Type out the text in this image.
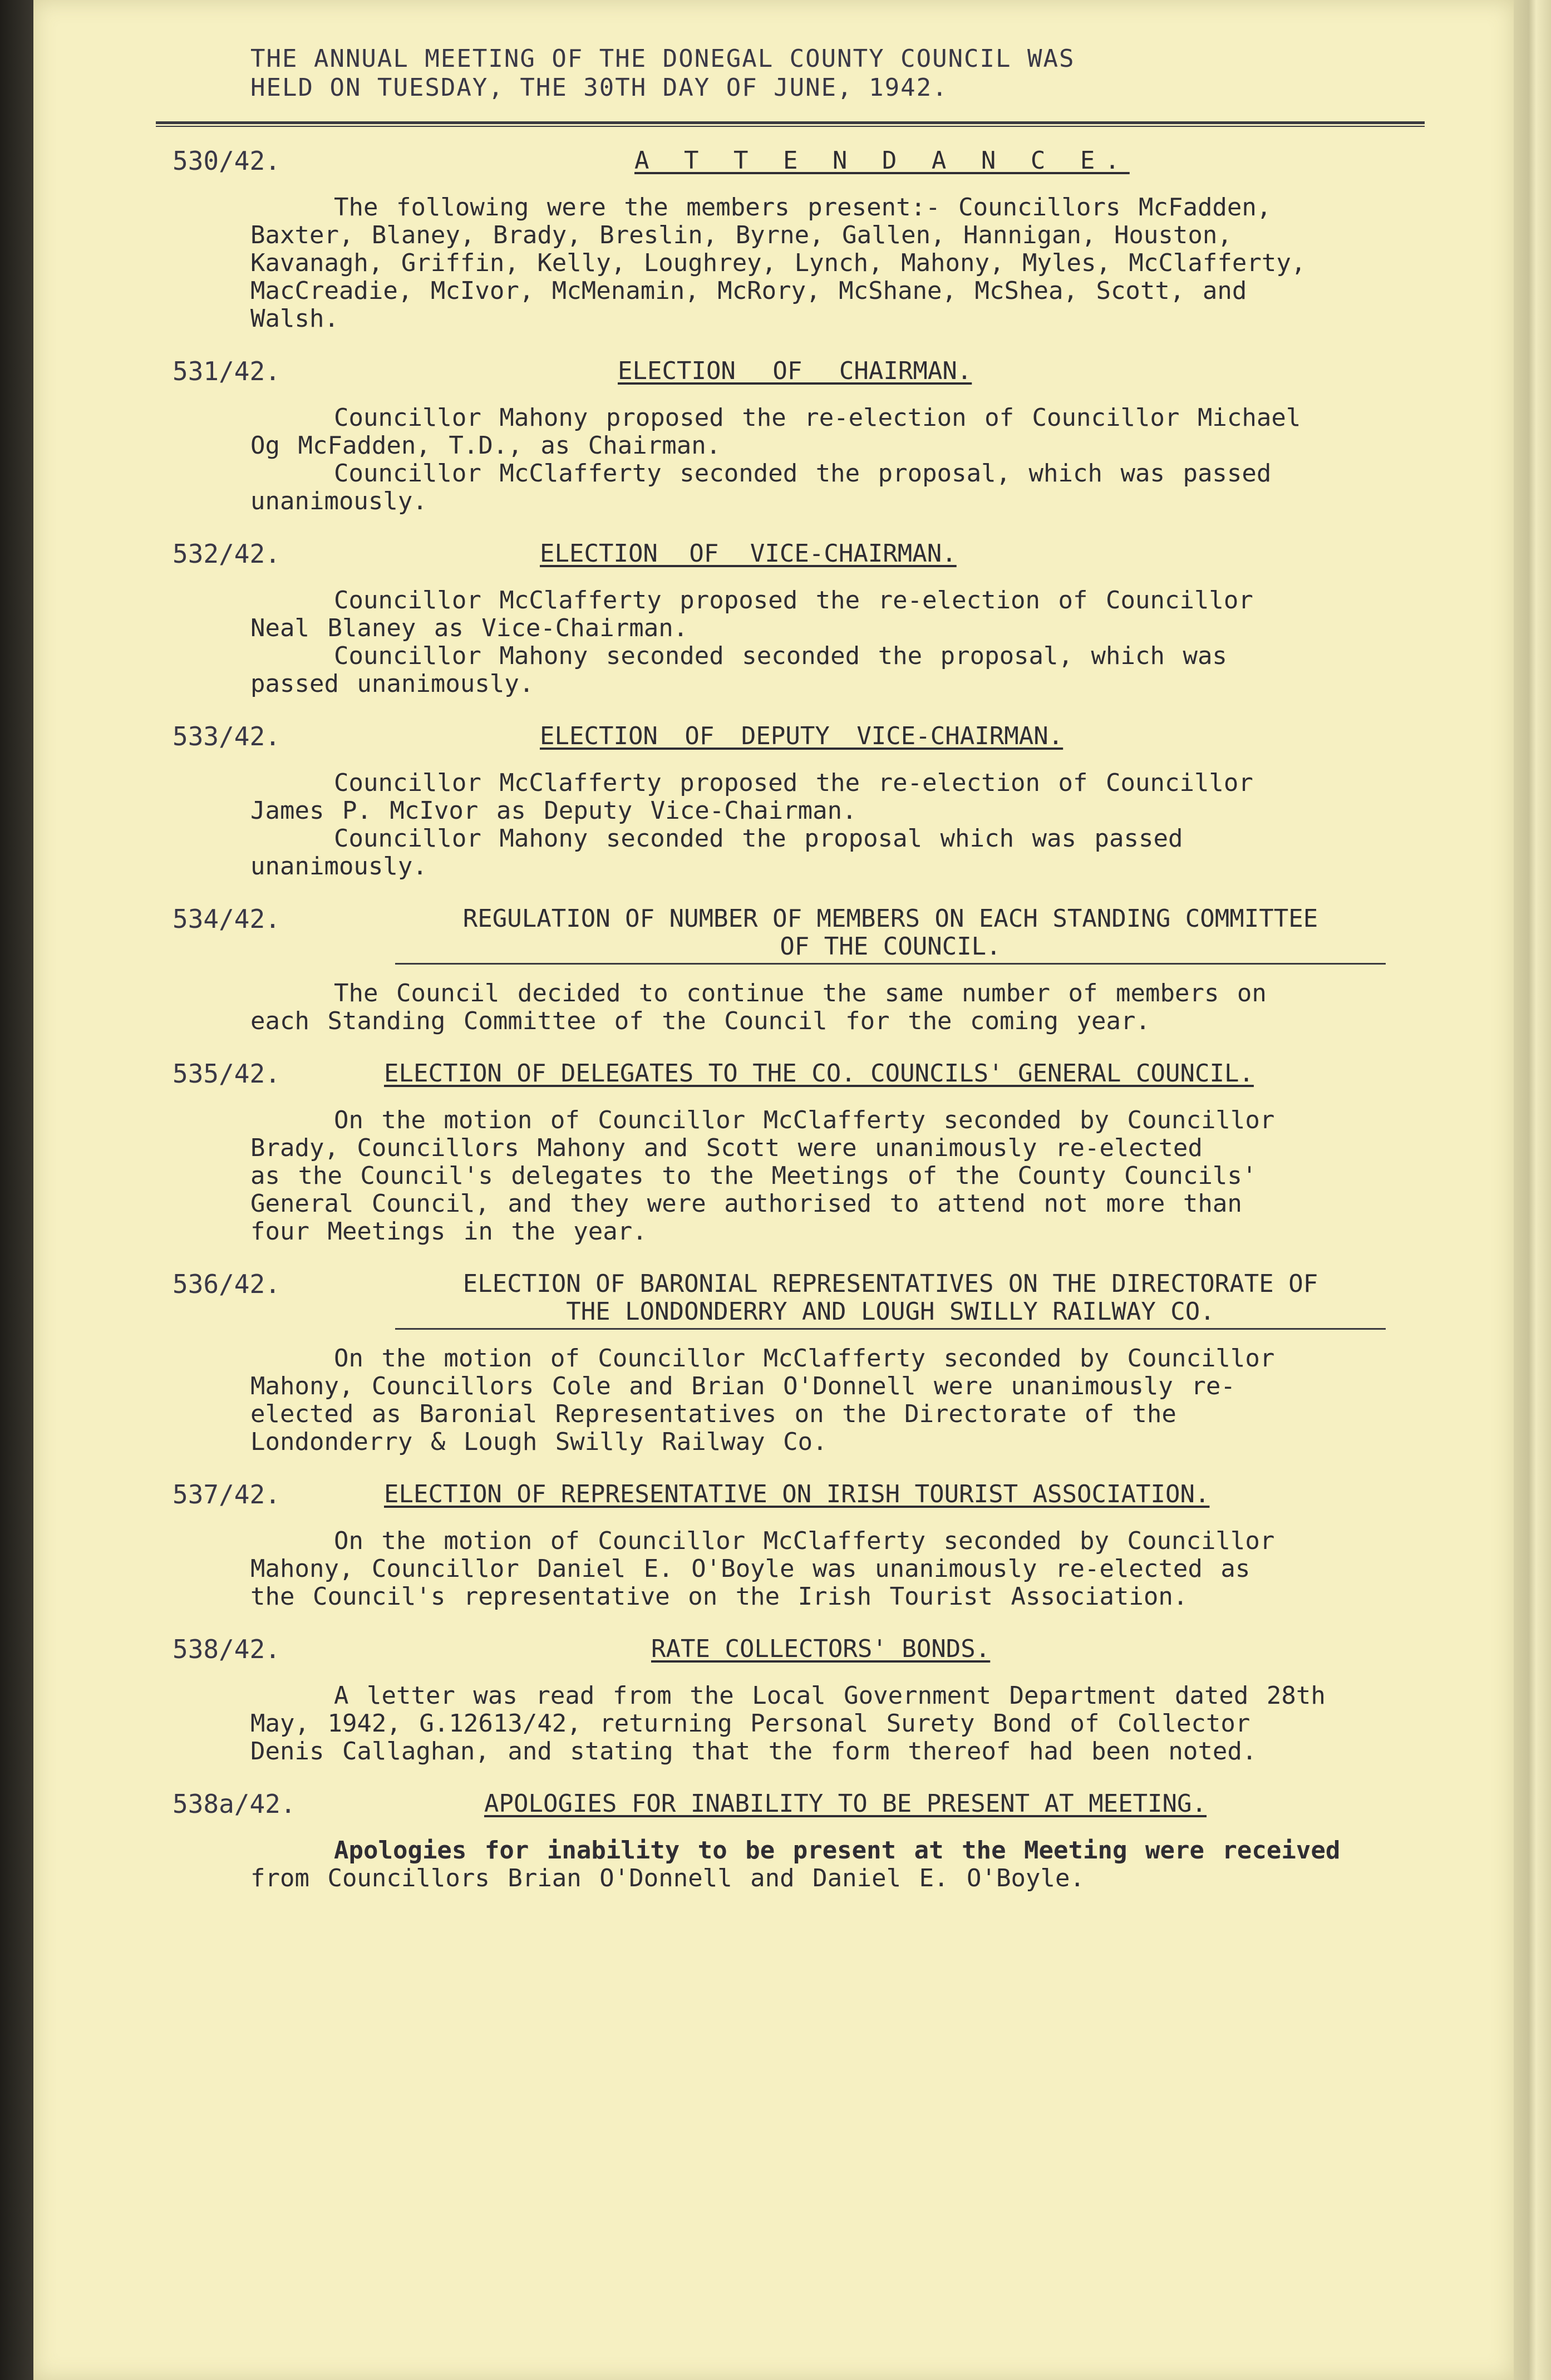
THE ANNUAL MEETING OF THE DONEGAL COUNTY COUNCIL WAS
HELD ON TUESDAY, THE 30TH DAY OF JUNE, 1942.
530/42.	A T T E N D A N C E.
The following were the members present:- Councillors McFadden,
Baxter, Blaney, Brady, Breslin, Byrne, Gallen, Hannigan, Houston,
Kavanagh, Griffin, Kelly, Loughrey, Lynch, Mahony, Myles, McClafferty,
MacCreadie, McIvor, McMenamin, McRory, McShane, McShea, Scott, and
Walsh.
531/42.	ELECTION OF CHAIRMAN.
Councillor Mahony proposed the re-election of Councillor Michael
Og McFadden, T.D., as Chairman.
Councillor McClafferty seconded the proposal, which was passed
unanimously.
532/42.	ELECTION OF VICE-CHAIRMAN.
Councillor McClafferty proposed the re-election of Councillor
Neal Blaney as Vice-Chairman.
Councillor Mahony seconded seconded the proposal, which was
passed unanimously.
533/42.	ELECTION OF DEPUTY VICE-CHAIRMAN.
Councillor McClafferty proposed the re-election of Councillor
James P. McIvor as Deputy Vice-Chairman.
Councillor Mahony seconded the proposal which was passed
unanimously.
534/42.	REGULATION OF NUMBER OF MEMBERS ON EACH STANDING COMMITTEE
OF THE COUNCIL.
The Council decided to continue the same number of members on
each Standing Committee of the Council for the coming year.
535/42.	ELECTION OF DELEGATES TO THE CO. COUNCILS' GENERAL COUNCIL.
On the motion of Councillor McClafferty seconded by Councillor
Brady, Councillors Mahony and Scott were unanimously re-elected
as the Council's delegates to the Meetings of the County Councils'
General Council, and they were authorised to attend not more than
four Meetings in the year.
536/42.	ELECTION OF BARONIAL REPRESENTATIVES ON THE DIRECTORATE OF
THE LONDONDERRY AND LOUGH SWILLY RAILWAY CO.
On the motion of Councillor McClafferty seconded by Councillor
Mahony, Councillors Cole and Brian O'Donnell were unanimously re-
elected as Baronial Representatives on the Directorate of the
Londonderry & Lough Swilly Railway Co.
537/42.	ELECTION OF REPRESENTATIVE ON IRISH TOURIST ASSOCIATION.
On the motion of Councillor McClafferty seconded by Councillor
Mahony, Councillor Daniel E. O'Boyle was unanimously re-elected as
the Council's representative on the Irish Tourist Association.
538/42.	RATE COLLECTORS' BONDS.
A letter was read from the Local Government Department dated 28th
May, 1942, G.12613/42, returning Personal Surety Bond of Collector
Denis Callaghan, and stating that the form thereof had been noted.
538a/42.	APOLOGIES FOR INABILITY TO BE PRESENT AT MEETING.
Apologies for inability to be present at the Meeting were received
from Councillors Brian O'Donnell and Daniel E. O'Boyle.
